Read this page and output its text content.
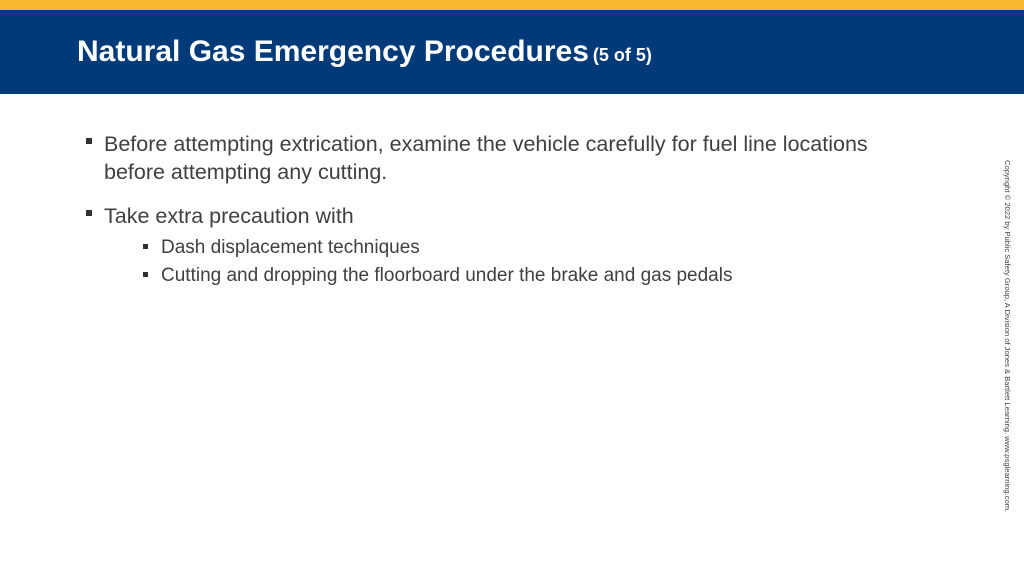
Natural Gas Emergency Procedures (5 of 5)
Before attempting extrication, examine the vehicle carefully for fuel line locations before attempting any cutting.
Take extra precaution with
Dash displacement techniques
Cutting and dropping the floorboard under the brake and gas pedals	Copyright © 2022 by Public Safety Group, A Division of Jones & Bartlett Learning. www.psglearning.com.
